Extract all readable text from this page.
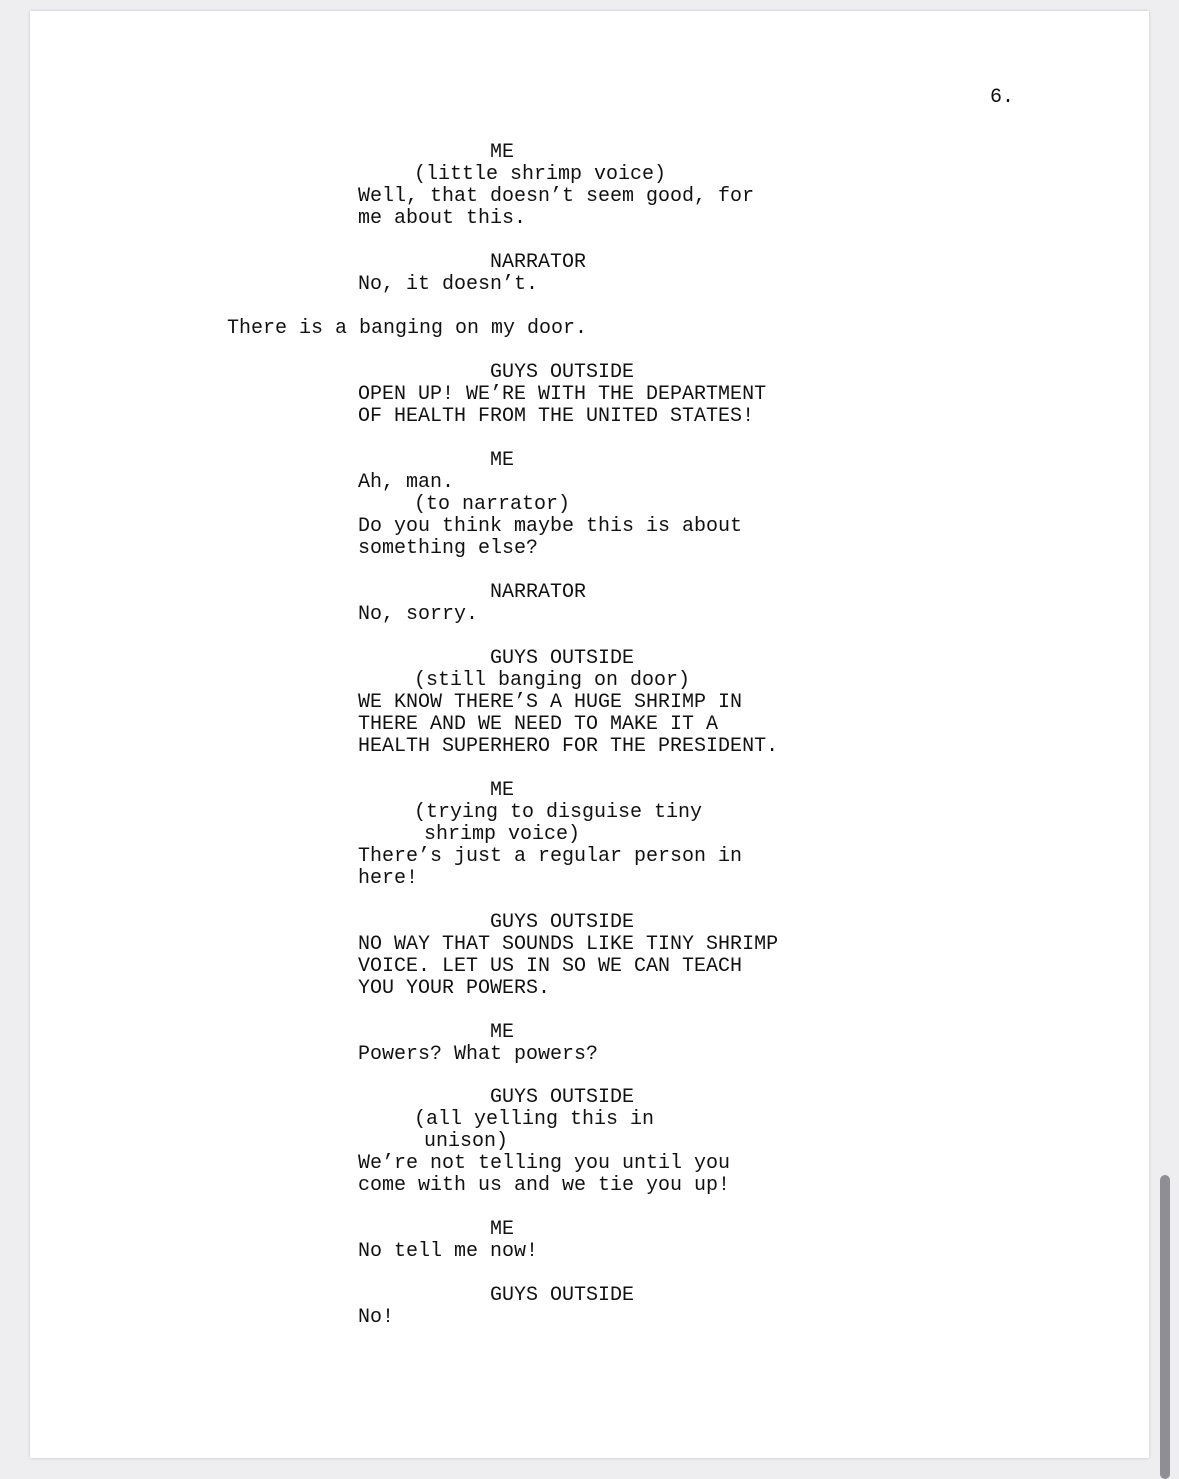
6.
ME
(little shrimp voice)
Well, that doesn’t seem good, for
me about this.
NARRATOR
No, it doesn’t.
There is a banging on my door.
GUYS OUTSIDE
OPEN UP! WE’RE WITH THE DEPARTMENT
OF HEALTH FROM THE UNITED STATES!
ME
Ah, man.
(to narrator)
Do you think maybe this is about
something else?
NARRATOR
No, sorry.
GUYS OUTSIDE
(still banging on door)
WE KNOW THERE’S A HUGE SHRIMP IN
THERE AND WE NEED TO MAKE IT A
HEALTH SUPERHERO FOR THE PRESIDENT.
ME
(trying to disguise tiny
shrimp voice)
There’s just a regular person in
here!
GUYS OUTSIDE
NO WAY THAT SOUNDS LIKE TINY SHRIMP
VOICE. LET US IN SO WE CAN TEACH
YOU YOUR POWERS.
ME
Powers? What powers?
GUYS OUTSIDE
(all yelling this in
unison)
We’re not telling you until you
come with us and we tie you up!
ME
No tell me now!
GUYS OUTSIDE
No!
